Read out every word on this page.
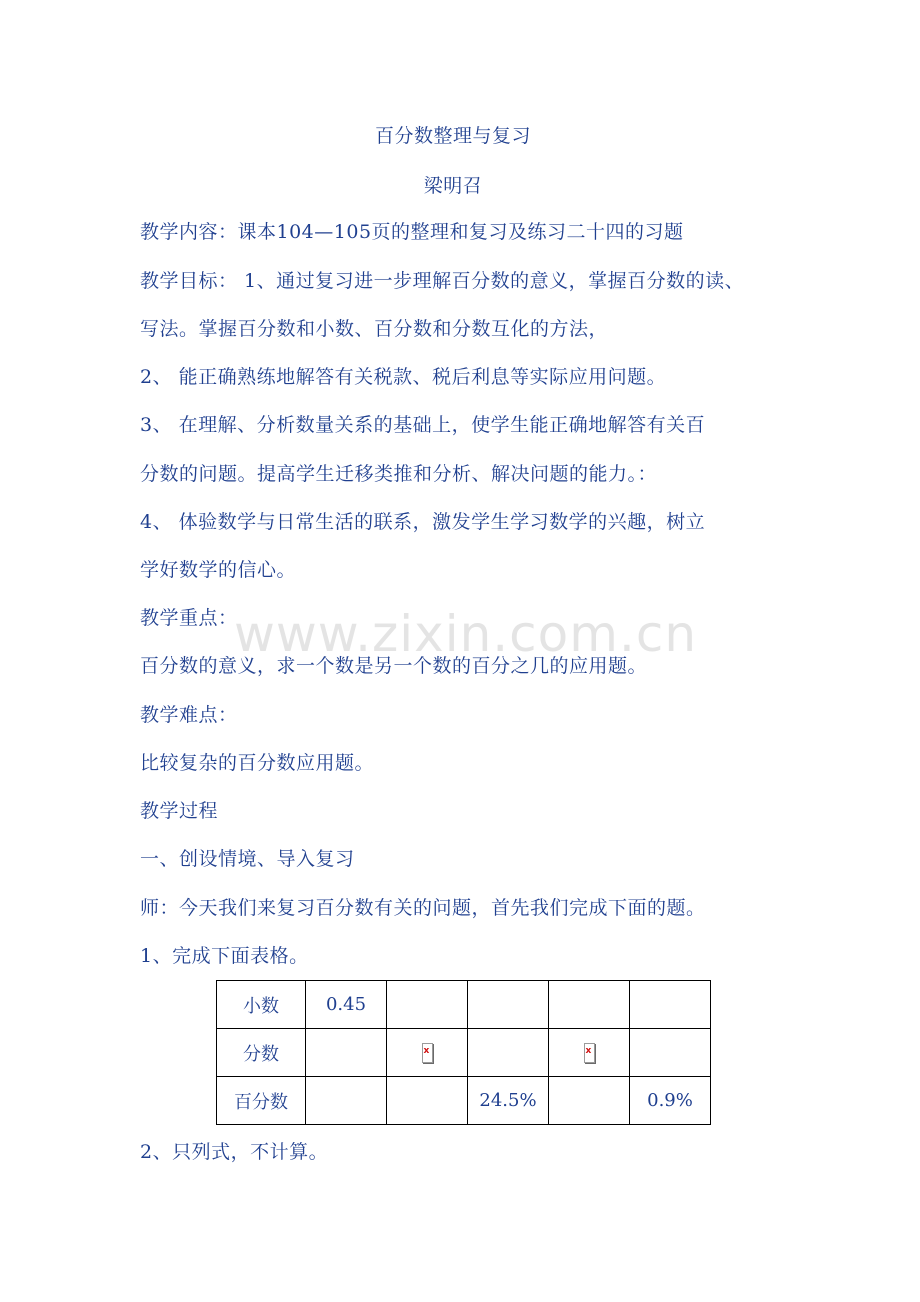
百分数整理与复习
梁明召
教学内容：课本104—105页的整理和复习及练习二十四的习题
教学目标： 1、通过复习进一步理解百分数的意义，掌握百分数的读、
写法。掌握百分数和小数、百分数和分数互化的方法，
2、 能正确熟练地解答有关税款、税后利息等实际应用问题。
3、 在理解、分析数量关系的基础上，使学生能正确地解答有关百
分数的问题。提高学生迁移类推和分析、解决问题的能力。：
4、 体验数学与日常生活的联系，激发学生学习数学的兴趣，树立
学好数学的信心。
教学重点：
百分数的意义，求一个数是另一个数的百分之几的应用题。
教学难点：
比较复杂的百分数应用题。
教学过程
一、创设情境、导入复习
师：今天我们来复习百分数有关的问题，首先我们完成下面的题。
1、完成下面表格。
小数	0.45				
分数		x		x	
百分数			24.5%		0.9%
2、只列式，不计算。
www.zixin.com.cn
